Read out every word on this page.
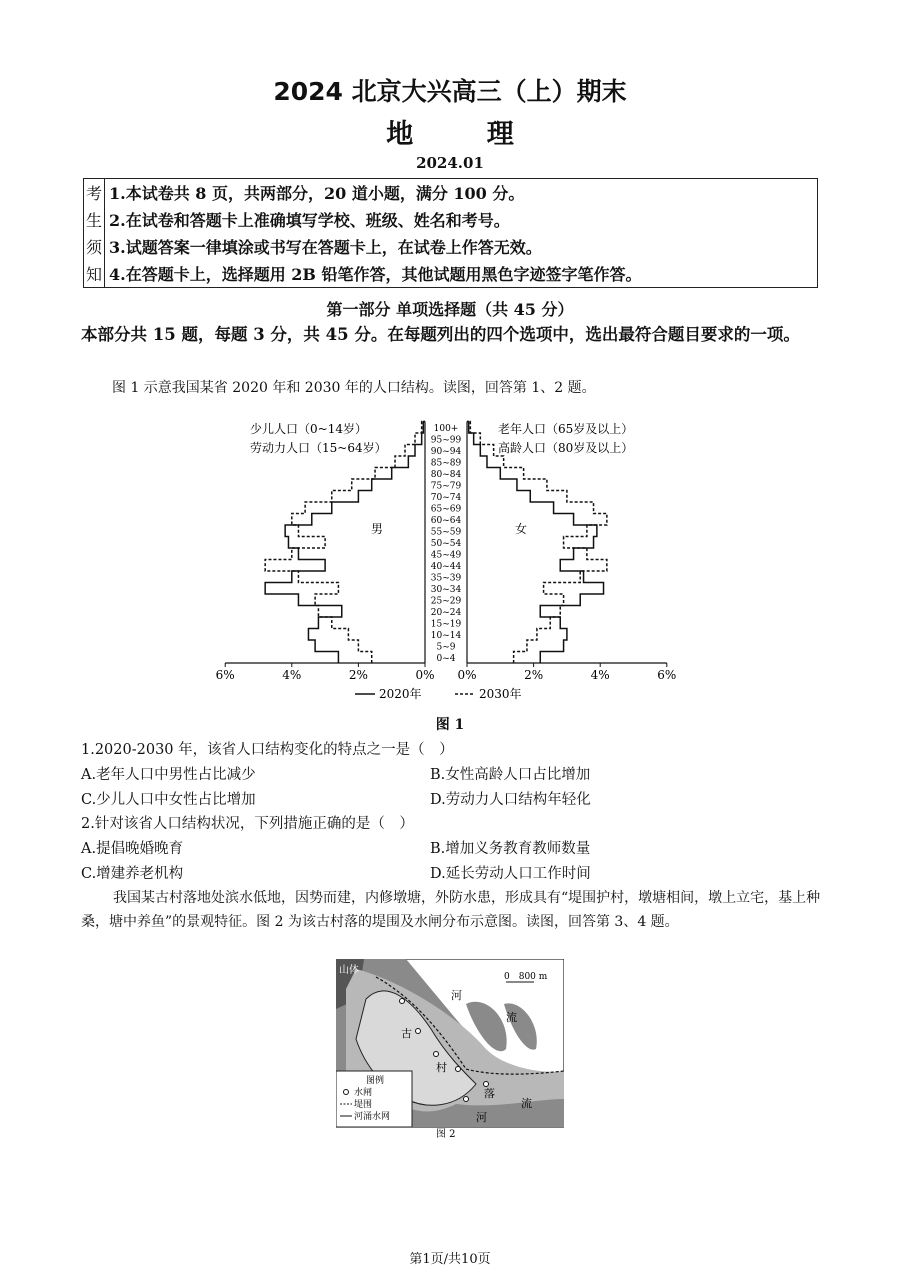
2024 北京大兴高三（上）期末
地 理
2024.01
考	1.本试卷共 8 页，共两部分，20 道小题，满分 100 分。
生	2.在试卷和答题卡上准确填写学校、班级、姓名和考号。
须	3.试题答案一律填涂或书写在答题卡上，在试卷上作答无效。
知	4.在答题卡上，选择题用 2B 铅笔作答，其他试题用黑色字迹签字笔作答。
第一部分 单项选择题（共 45 分）
本部分共 15 题，每题 3 分，共 45 分。在每题列出的四个选项中，选出最符合题目要求的一项。
图 1 示意我国某省 2020 年和 2030 年的人口结构。读图，回答第 1、2 题。
6%	4%	2%	0% 0%	2%	4%	6%
0~4
5~9
10~14
15~19
20~24
25~29
30~34
35~39
40~44
45~49
50~54
55~59
60~64
65~69
70~74
75~79
80~84
85~89
90~94
95~99
100+
少儿人口（0~14岁）
劳动力人口（15~64岁）
老年人口（65岁及以上）
高龄人口（80岁及以上）
男	女
2020年	2030年
图 1
1.2020-2030 年，该省人口结构变化的特点之一是（　）
A.老年人口中男性占比减少	B.女性高龄人口占比增加
C.少儿人口中女性占比增加	D.劳动力人口结构年轻化
2.针对该省人口结构状况，下列措施正确的是（　）
A.提倡晚婚晚育	B.增加义务教育教师数量
C.增建养老机构	D.延长劳动人口工作时间
我国某古村落地处滨水低地，因势而建，内修墩塘，外防水患，形成具有“堤围护村，墩塘相间，墩上立宅，基上种桑，塘中养鱼”的景观特征。图 2 为该古村落的堤围及水闸分布示意图。读图，回答第 3、4 题。
山体
河
流
流
河
古
村
落
0　800 m
图例
水闸
堤围
河涌水网
图 2
第1页/共10页
